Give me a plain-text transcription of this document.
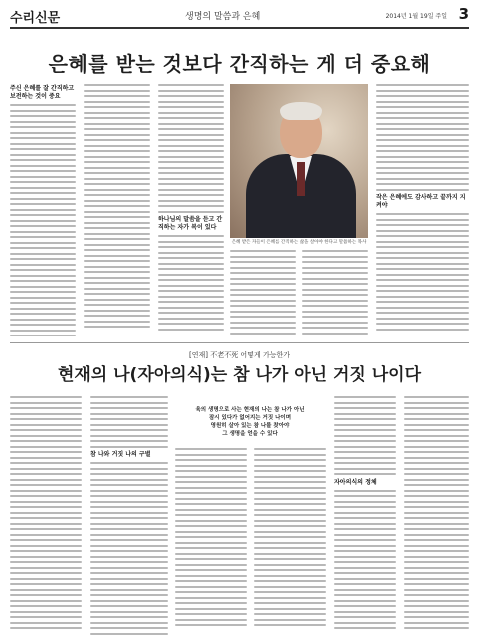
수리신문	생명의 말씀과 은혜	2014년 1월 19일 주일 3
은혜를 받는 것보다 간직하는 게 더 중요해
주신 은혜를 잘 간직하고 보전하는 것이 중요
하나님의 말씀을 듣고 간직하는 자가 복이 있다
은혜 받은 자들이 은혜를 간직하는 삶을 살아야 한다고 말씀하는 목사
작은 은혜에도 감사하고 끝까지 지켜야
[연재] 不老不死 어떻게 가능한가
현재의 나(자아의식)는 참 나가 아닌 거짓 나이다
참 나와 거짓 나의 구별
육의 생명으로 사는 현재의 나는 참 나가 아닌
잠시 있다가 없어지는 거짓 나이며
영원히 살아 있는 참 나를 찾아야
그 생명을 얻을 수 있다
자아의식의 정체
